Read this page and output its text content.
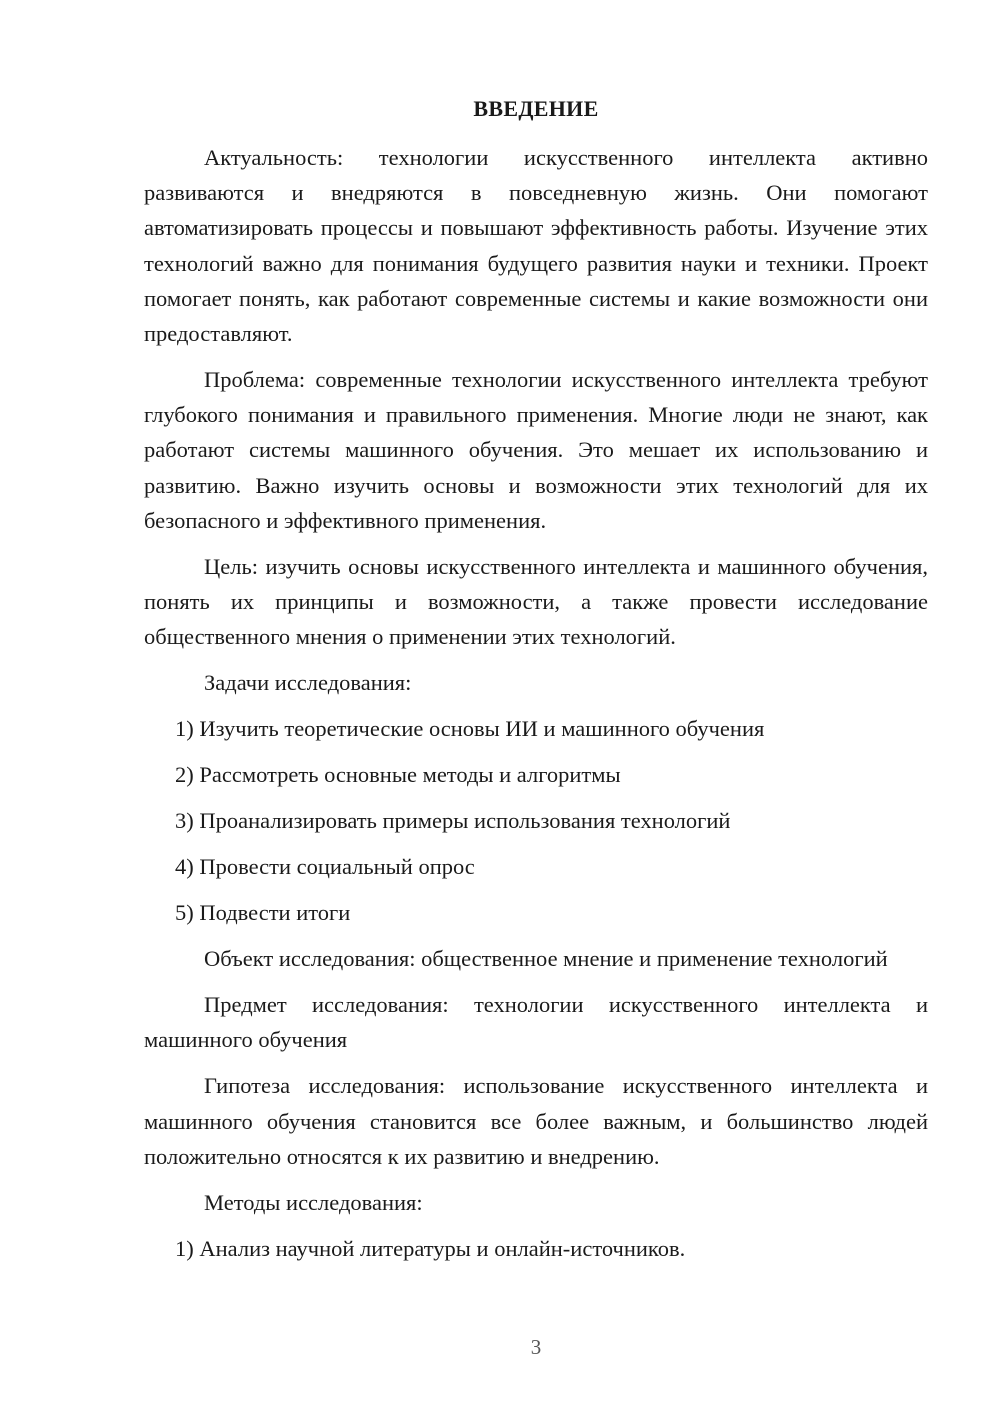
ВВЕДЕНИЕ

Актуальность: технологии искусственного интеллекта активно развиваются и внедряются в повседневную жизнь. Они помогают автоматизировать процессы и повышают эффективность работы. Изучение этих технологий важно для понимания будущего развития науки и техники. Проект помогает понять, как работают современные системы и какие возможности они предоставляют.

Проблема: современные технологии искусственного интеллекта требуют глубокого понимания и правильного применения. Многие люди не знают, как работают системы машинного обучения. Это мешает их использованию и развитию. Важно изучить основы и возможности этих технологий для их безопасного и эффективного применения.

Цель: изучить основы искусственного интеллекта и машинного обучения, понять их принципы и возможности, а также провести исследование общественного мнения о применении этих технологий.

Задачи исследования:

1) Изучить теоретические основы ИИ и машинного обучения

2) Рассмотреть основные методы и алгоритмы

3) Проанализировать примеры использования технологий

4) Провести социальный опрос

5) Подвести итоги

Объект исследования: общественное мнение и применение технологий

Предмет исследования: технологии искусственного интеллекта и машинного обучения

Гипотеза исследования: использование искусственного интеллекта и машинного обучения становится все более важным, и большинство людей положительно относятся к их развитию и внедрению.

Методы исследования:

1) Анализ научной литературы и онлайн-источников.

3
